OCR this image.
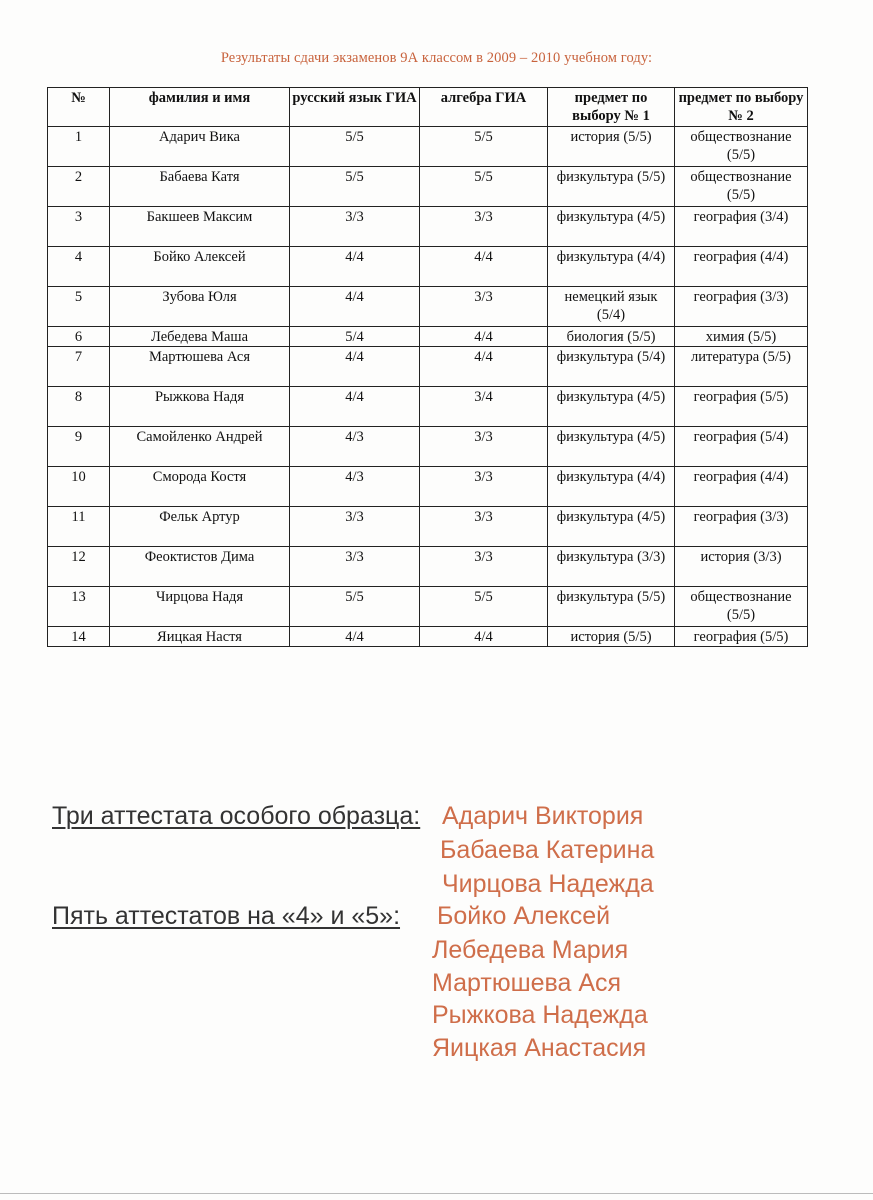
Результаты сдачи экзаменов 9А классом в 2009 – 2010 учебном году:
№	фамилия и имя	русский язык ГИА	алгебра ГИА	предмет по выбору № 1	предмет по выбору № 2
1	Адарич Вика	5/5	5/5	история (5/5)	обществознание (5/5)
2	Бабаева Катя	5/5	5/5	физкультура (5/5)	обществознание (5/5)
3	Бакшеев Максим	3/3	3/3	физкультура (4/5)	география (3/4)
4	Бойко Алексей	4/4	4/4	физкультура (4/4)	география (4/4)
5	Зубова Юля	4/4	3/3	немецкий язык (5/4)	география (3/3)
6	Лебедева Маша	5/4	4/4	биология (5/5)	химия (5/5)
7	Мартюшева Ася	4/4	4/4	физкультура (5/4)	литература (5/5)
8	Рыжкова Надя	4/4	3/4	физкультура (4/5)	география (5/5)
9	Самойленко Андрей	4/3	3/3	физкультура (4/5)	география (5/4)
10	Смородa Костя	4/3	3/3	физкультура (4/4)	география (4/4)
11	Фельк Артур	3/3	3/3	физкультура (4/5)	география (3/3)
12	Феоктистов Дима	3/3	3/3	физкультура (3/3)	история (3/3)
13	Чирцова Надя	5/5	5/5	физкультура (5/5)	обществознание (5/5)
14	Яицкая Настя	4/4	4/4	история (5/5)	география (5/5)
Три аттестата особого образца: Адарич Виктория
Бабаева Катерина
Чирцова Надежда
Пять аттестатов на «4» и «5»: Бойко Алексей
Лебедева Мария
Мартюшева Ася
Рыжкова Надежда
Яицкая Анастасия
